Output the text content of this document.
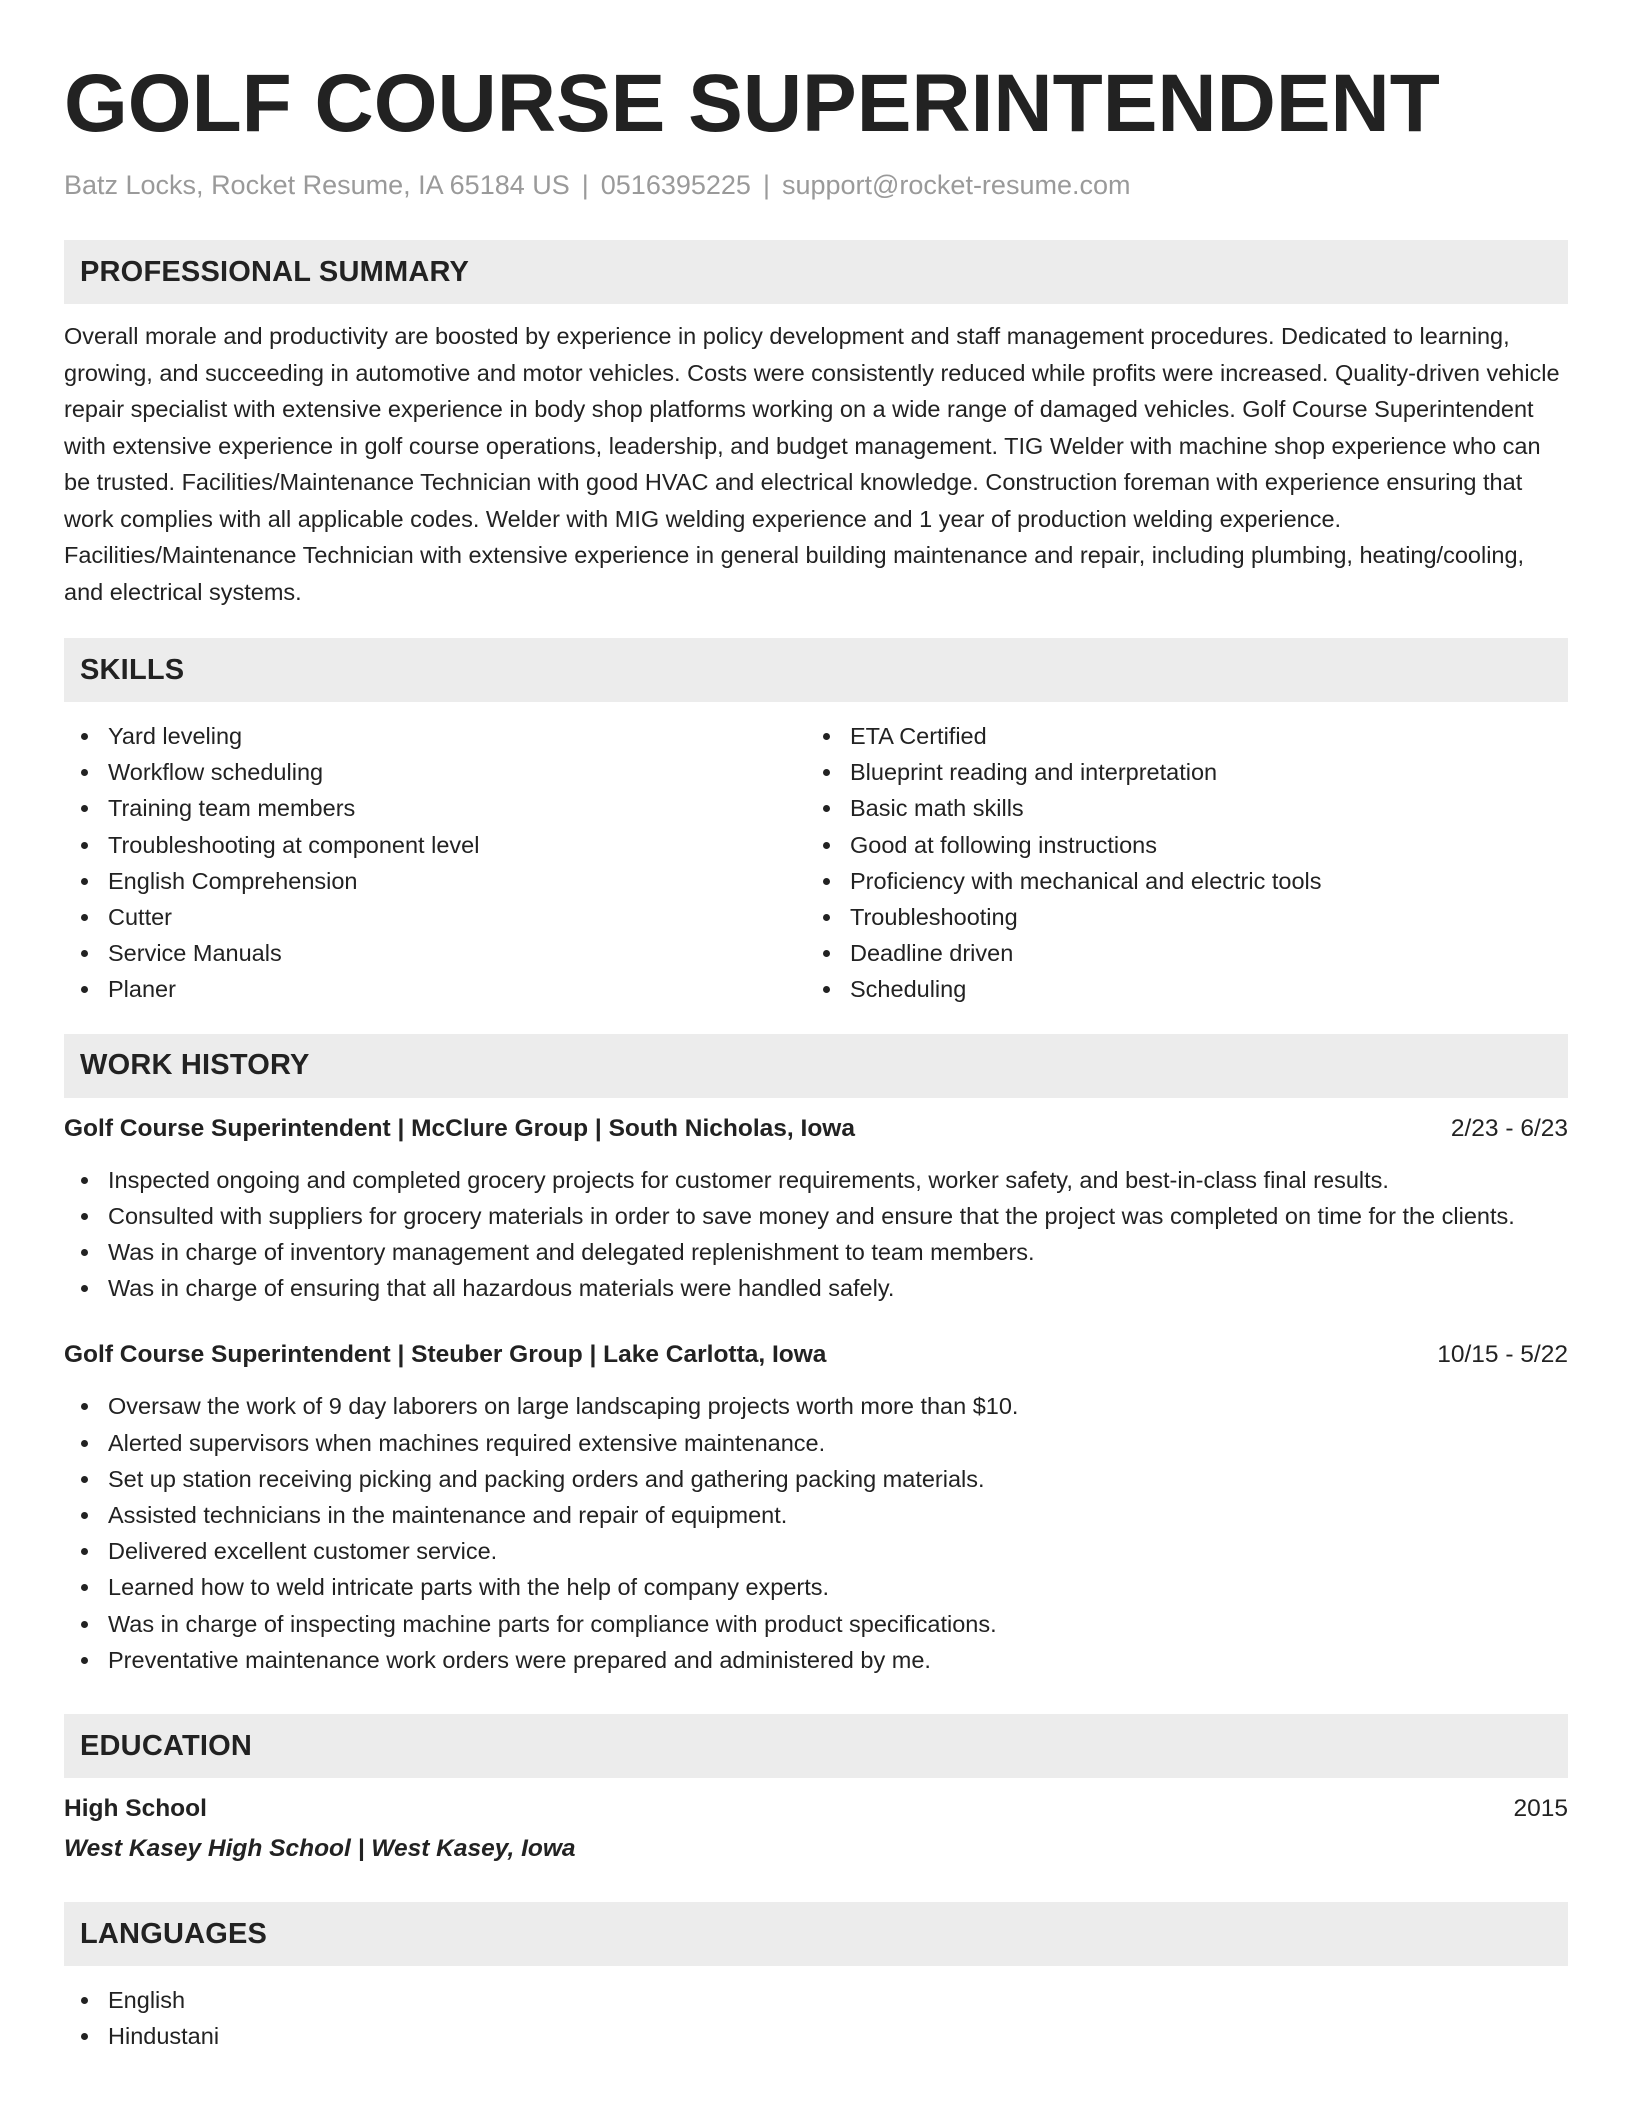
GOLF COURSE SUPERINTENDENT
Batz Locks, Rocket Resume, IA 65184 US | 0516395225 | support@rocket-resume.com
PROFESSIONAL SUMMARY
Overall morale and productivity are boosted by experience in policy development and staff management procedures. Dedicated to learning, growing, and succeeding in automotive and motor vehicles. Costs were consistently reduced while profits were increased. Quality-driven vehicle repair specialist with extensive experience in body shop platforms working on a wide range of damaged vehicles. Golf Course Superintendent with extensive experience in golf course operations, leadership, and budget management. TIG Welder with machine shop experience who can be trusted. Facilities/Maintenance Technician with good HVAC and electrical knowledge. Construction foreman with experience ensuring that work complies with all applicable codes. Welder with MIG welding experience and 1 year of production welding experience. Facilities/Maintenance Technician with extensive experience in general building maintenance and repair, including plumbing, heating/cooling, and electrical systems.
SKILLS
Yard leveling
Workflow scheduling
Training team members
Troubleshooting at component level
English Comprehension
Cutter
Service Manuals
Planer
ETA Certified
Blueprint reading and interpretation
Basic math skills
Good at following instructions
Proficiency with mechanical and electric tools
Troubleshooting
Deadline driven
Scheduling
WORK HISTORY
Golf Course Superintendent | McClure Group | South Nicholas, Iowa	2/23 - 6/23
Inspected ongoing and completed grocery projects for customer requirements, worker safety, and best-in-class final results.
Consulted with suppliers for grocery materials in order to save money and ensure that the project was completed on time for the clients.
Was in charge of inventory management and delegated replenishment to team members.
Was in charge of ensuring that all hazardous materials were handled safely.
Golf Course Superintendent | Steuber Group | Lake Carlotta, Iowa	10/15 - 5/22
Oversaw the work of 9 day laborers on large landscaping projects worth more than $10.
Alerted supervisors when machines required extensive maintenance.
Set up station receiving picking and packing orders and gathering packing materials.
Assisted technicians in the maintenance and repair of equipment.
Delivered excellent customer service.
Learned how to weld intricate parts with the help of company experts.
Was in charge of inspecting machine parts for compliance with product specifications.
Preventative maintenance work orders were prepared and administered by me.
EDUCATION
High School	2015
West Kasey High School | West Kasey, Iowa
LANGUAGES
English
Hindustani
